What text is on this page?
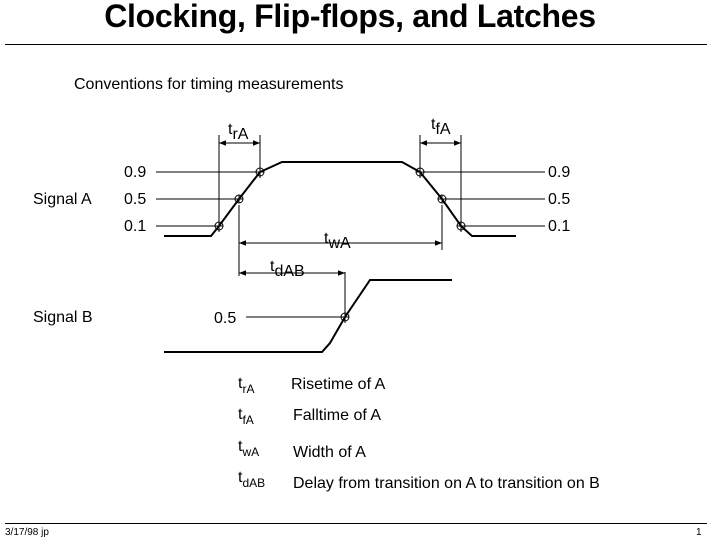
Clocking, Flip-flops, and Latches
Conventions for timing measurements
Signal A
Signal B
0.9
0.5
0.1
0.9
0.5
0.1
0.5
trA
tfA
twA
tdAB
$t_{rA}$ Risetime of A
$t_{fA}$ Falltime of A
$t_{wA}$ Width of A
$t_{dAB}$ Delay from transition on A to transition on B
3/17/98 jp	1
